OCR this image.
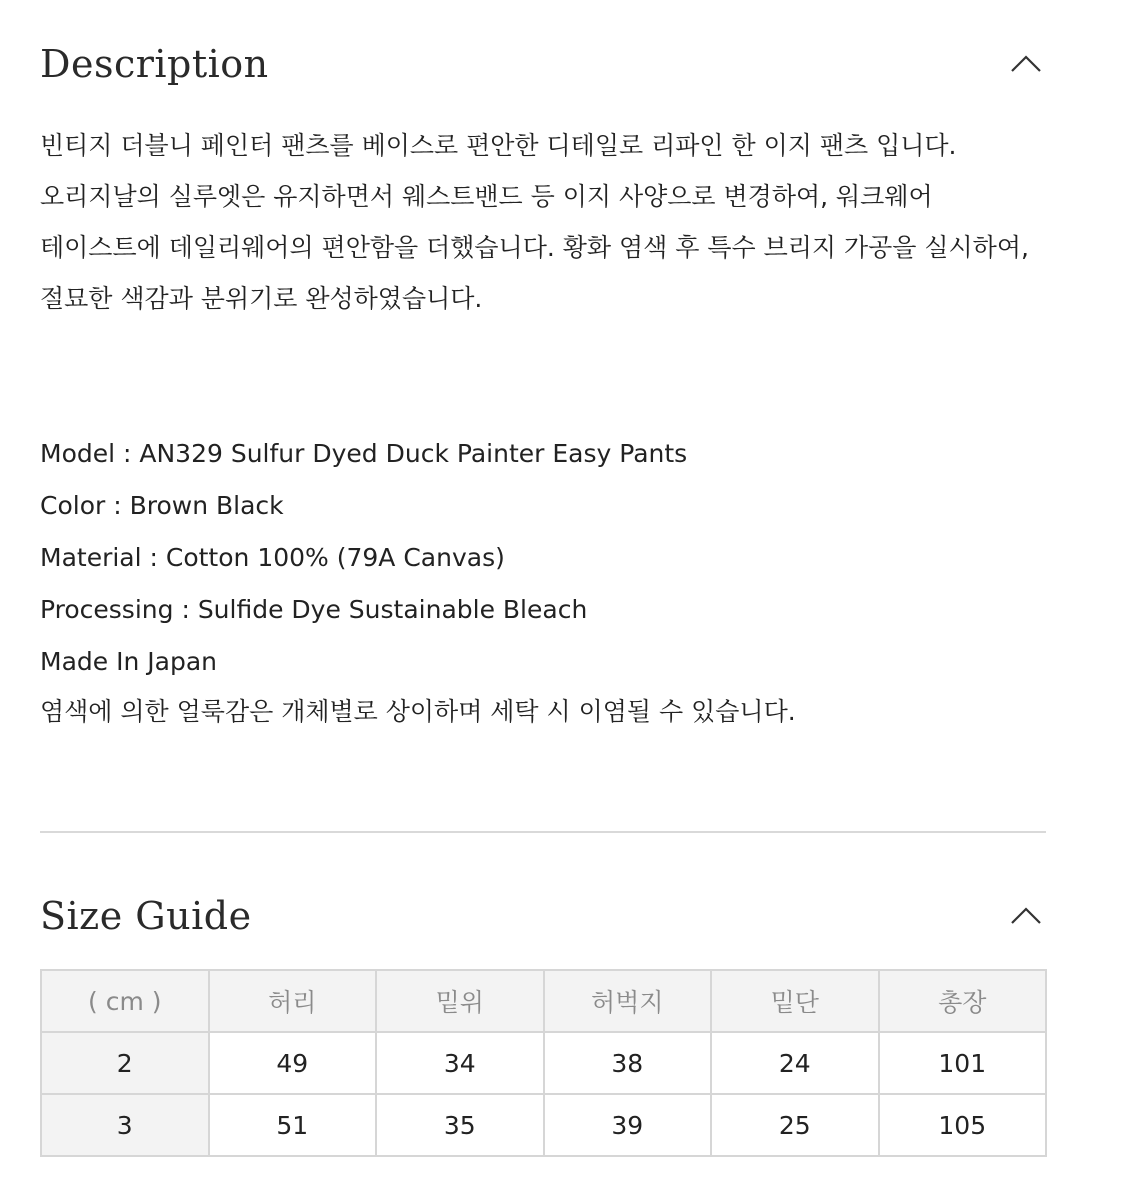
Description

빈티지 더블니 페인터 팬츠를 베이스로 편안한 디테일로 리파인 한 이지 팬츠 입니다. 오리지날의 실루엣은 유지하면서 웨스트밴드 등 이지 사양으로 변경하여, 워크웨어 테이스트에 데일리웨어의 편안함을 더했습니다. 황화 염색 후 특수 브리지 가공을 실시하여, 절묘한 색감과 분위기로 완성하였습니다.

Model : AN329 Sulfur Dyed Duck Painter Easy Pants
Color : Brown Black
Material : Cotton 100% (79A Canvas)
Processing : Sulfide Dye Sustainable Bleach
Made In Japan
염색에 의한 얼룩감은 개체별로 상이하며 세탁 시 이염될 수 있습니다.
Size Guide
( cm )	허리	밑위	허벅지	밑단	총장
2	49	34	38	24	101
3	51	35	39	25	105
